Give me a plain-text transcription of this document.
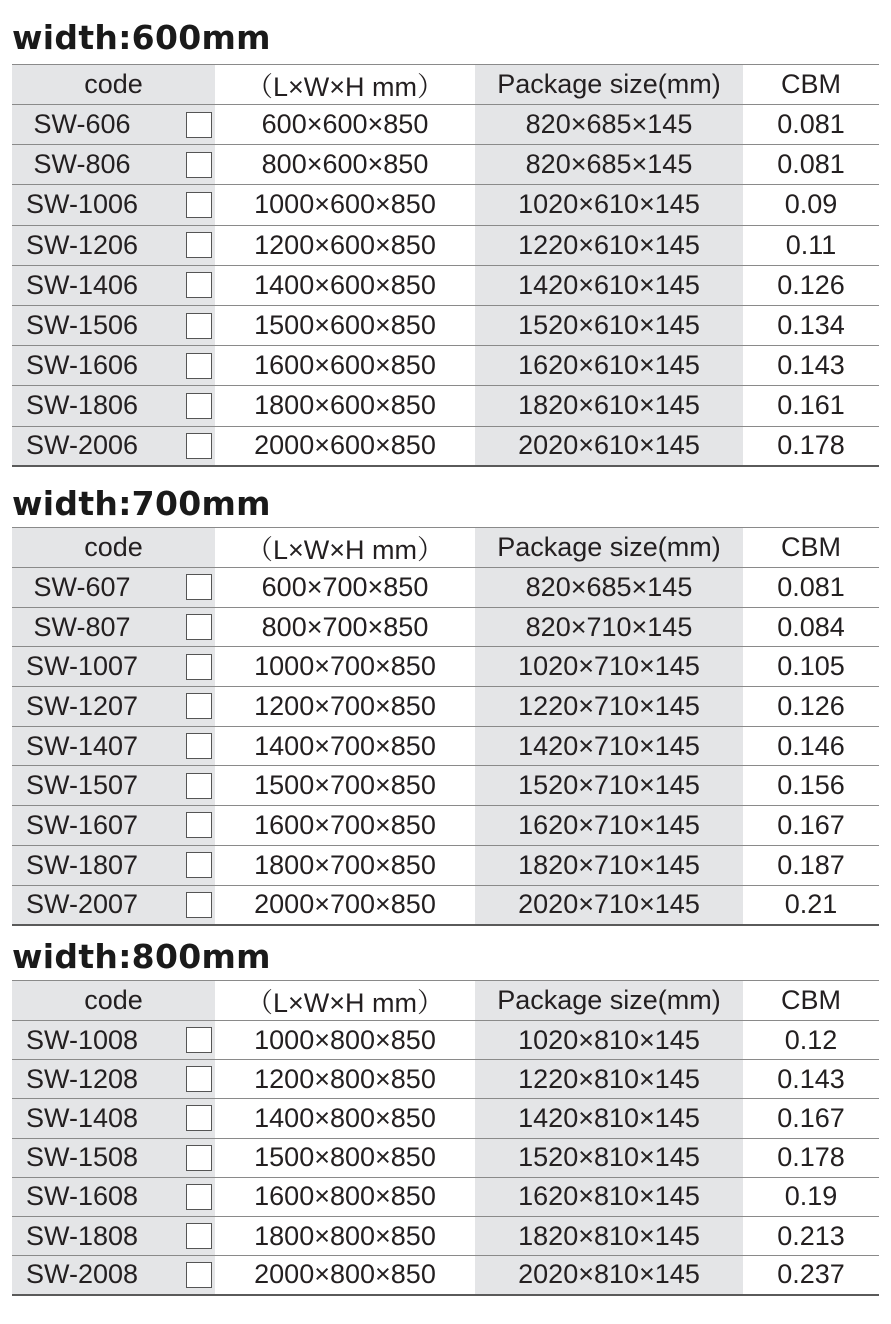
width:600mm
code	（L×W×H mm）	Package size(mm)	CBM

SW-606	600×600×850	820×685×145	0.081

SW-806	800×600×850	820×685×145	0.081

SW-1006	1000×600×850	1020×610×145	0.09

SW-1206	1200×600×850	1220×610×145	0.11

SW-1406	1400×600×850	1420×610×145	0.126

SW-1506	1500×600×850	1520×610×145	0.134

SW-1606	1600×600×850	1620×610×145	0.143

SW-1806	1800×600×850	1820×610×145	0.161

SW-2006	2000×600×850	2020×610×145	0.178
width:700mm
code	（L×W×H mm）	Package size(mm)	CBM

SW-607	600×700×850	820×685×145	0.081

SW-807	800×700×850	820×710×145	0.084

SW-1007	1000×700×850	1020×710×145	0.105

SW-1207	1200×700×850	1220×710×145	0.126

SW-1407	1400×700×850	1420×710×145	0.146

SW-1507	1500×700×850	1520×710×145	0.156

SW-1607	1600×700×850	1620×710×145	0.167

SW-1807	1800×700×850	1820×710×145	0.187

SW-2007	2000×700×850	2020×710×145	0.21
width:800mm
code	（L×W×H mm）	Package size(mm)	CBM

SW-1008	1000×800×850	1020×810×145	0.12

SW-1208	1200×800×850	1220×810×145	0.143

SW-1408	1400×800×850	1420×810×145	0.167

SW-1508	1500×800×850	1520×810×145	0.178

SW-1608	1600×800×850	1620×810×145	0.19

SW-1808	1800×800×850	1820×810×145	0.213

SW-2008	2000×800×850	2020×810×145	0.237
